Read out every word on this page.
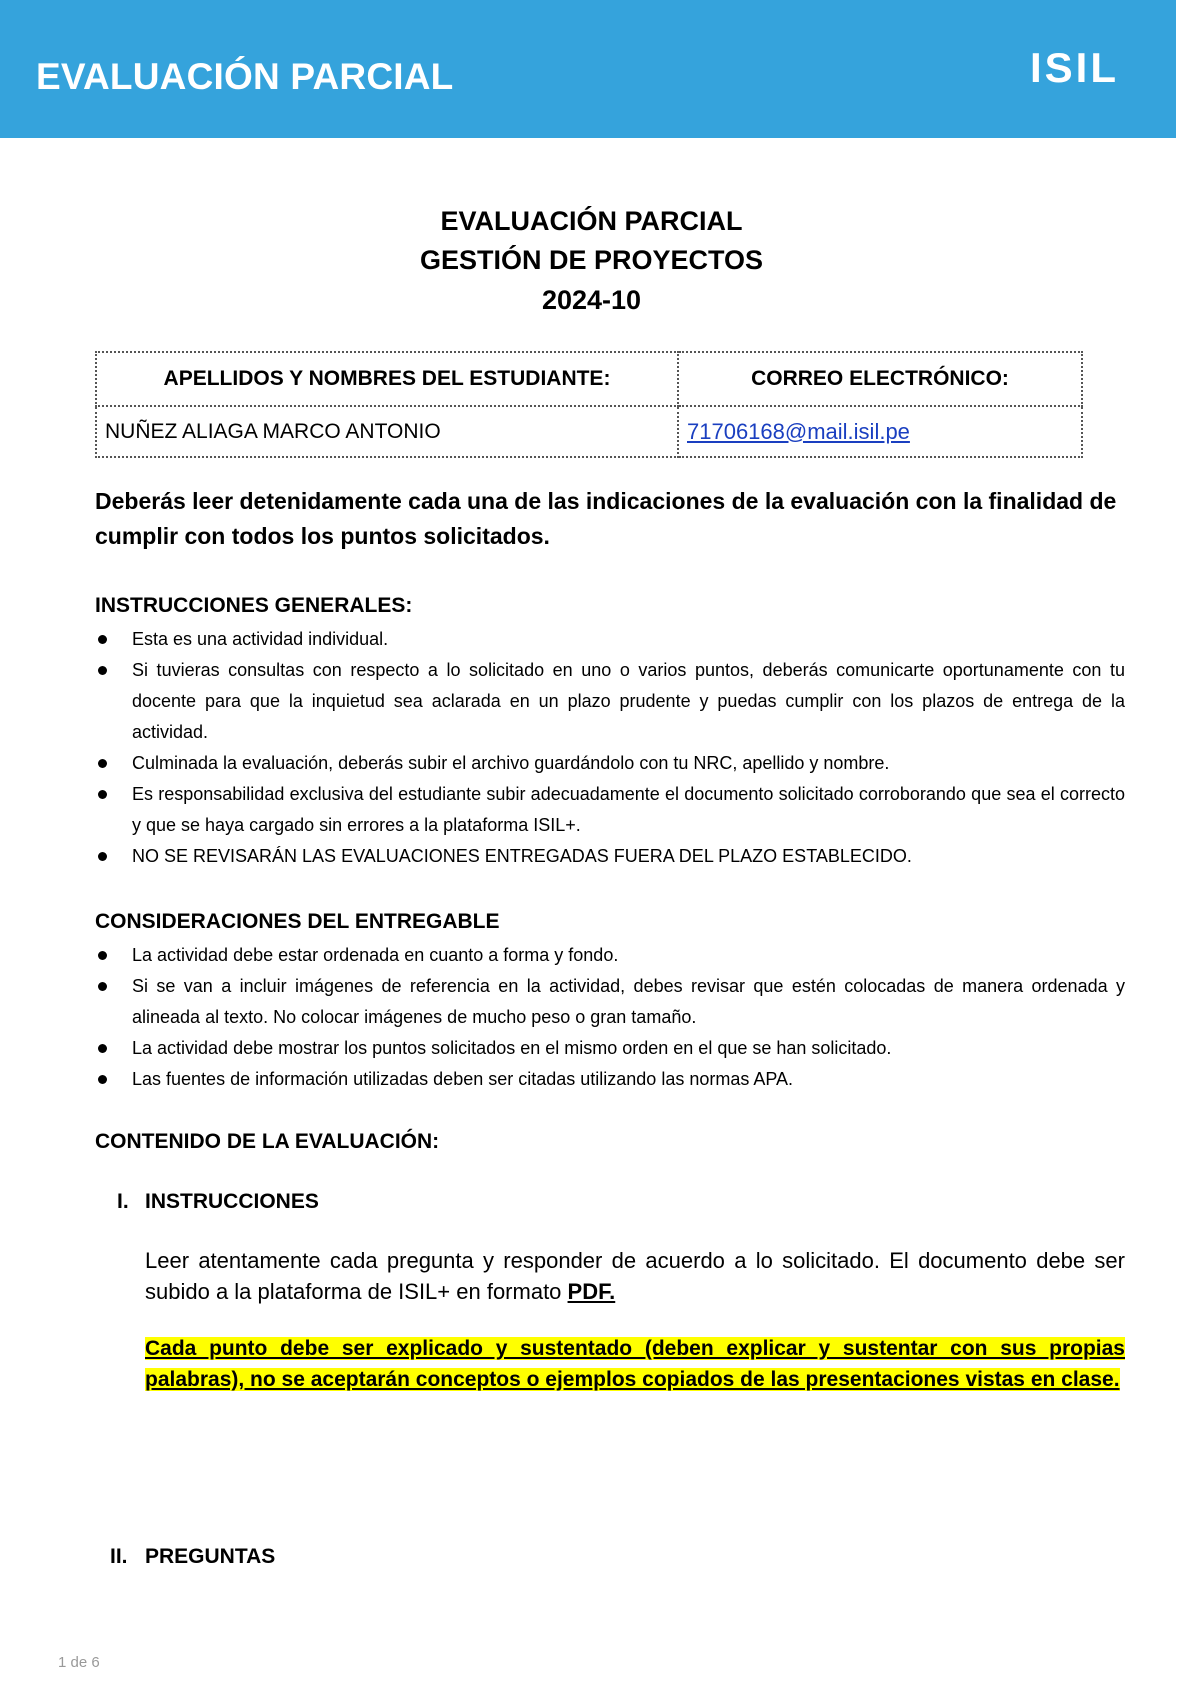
EVALUACIÓN PARCIAL	ISIL
EVALUACIÓN PARCIAL
GESTIÓN DE PROYECTOS
2024-10
APELLIDOS Y NOMBRES DEL ESTUDIANTE:	CORREO ELECTRÓNICO:
NUÑEZ ALIAGA MARCO ANTONIO	71706168@mail.isil.pe
Deberás leer detenidamente cada una de las indicaciones de la evaluación con la finalidad de cumplir con todos los puntos solicitados.
INSTRUCCIONES GENERALES:
Esta es una actividad individual.
Si tuvieras consultas con respecto a lo solicitado en uno o varios puntos, deberás comunicarte oportunamente con tu docente para que la inquietud sea aclarada en un plazo prudente y puedas cumplir con los plazos de entrega de la actividad.
Culminada la evaluación, deberás subir el archivo guardándolo con tu NRC, apellido y nombre.
Es responsabilidad exclusiva del estudiante subir adecuadamente el documento solicitado corroborando que sea el correcto y que se haya cargado sin errores a la plataforma ISIL+.
NO SE REVISARÁN LAS EVALUACIONES ENTREGADAS FUERA DEL PLAZO ESTABLECIDO.
CONSIDERACIONES DEL ENTREGABLE
La actividad debe estar ordenada en cuanto a forma y fondo.
Si se van a incluir imágenes de referencia en la actividad, debes revisar que estén colocadas de manera ordenada y alineada al texto. No colocar imágenes de mucho peso o gran tamaño.
La actividad debe mostrar los puntos solicitados en el mismo orden en el que se han solicitado.
Las fuentes de información utilizadas deben ser citadas utilizando las normas APA.
CONTENIDO DE LA EVALUACIÓN:
I. INSTRUCCIONES
Leer atentamente cada pregunta y responder de acuerdo a lo solicitado. El documento debe ser subido a la plataforma de ISIL+ en formato PDF.
Cada punto debe ser explicado y sustentado (deben explicar y sustentar con sus propias palabras), no se aceptarán conceptos o ejemplos copiados de las presentaciones vistas en clase.
II. PREGUNTAS
1 de 6
